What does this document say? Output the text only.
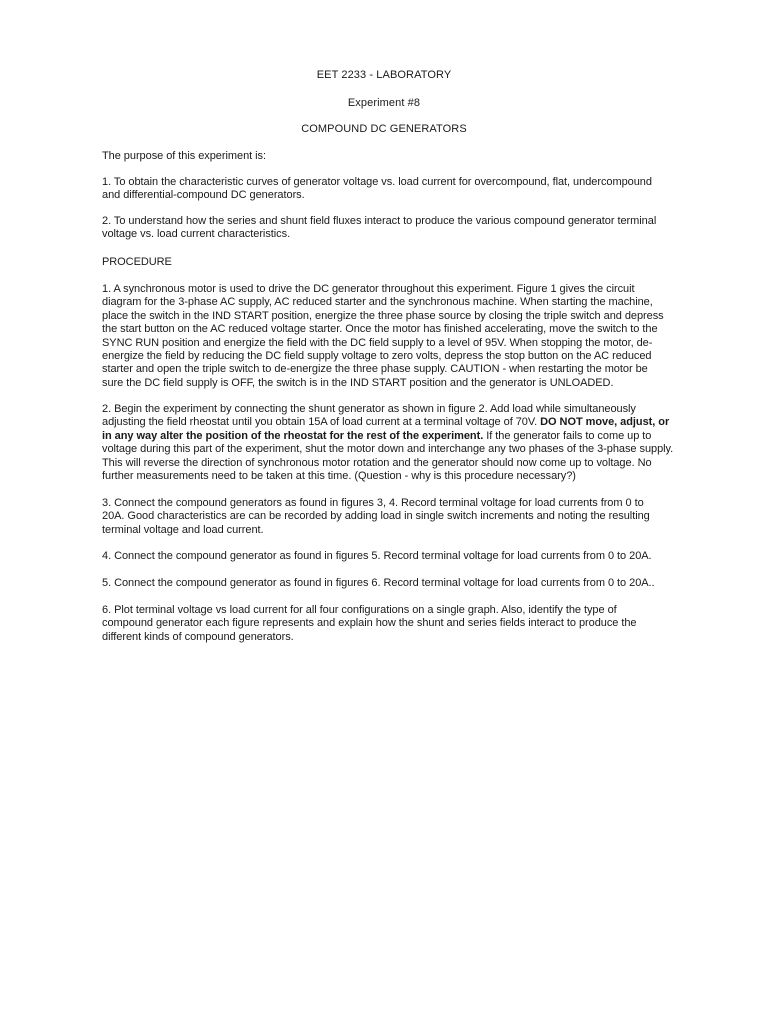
EET 2233 - LABORATORY
Experiment #8
COMPOUND DC GENERATORS
The purpose of this experiment is:
1. To obtain the characteristic curves of generator voltage vs. load current for overcompound, flat, undercompound
and differential-compound DC generators.
2. To understand how the series and shunt field fluxes interact to produce the various compound generator terminal
voltage vs. load current characteristics.
PROCEDURE
1. A synchronous motor is used to drive the DC generator throughout this experiment. Figure 1 gives the circuit
diagram for the 3-phase AC supply, AC reduced starter and the synchronous machine. When starting the machine,
place the switch in the IND START position, energize the three phase source by closing the triple switch and depress
the start button on the AC reduced voltage starter. Once the motor has finished accelerating, move the switch to the
SYNC RUN position and energize the field with the DC field supply to a level of 95V. When stopping the motor, de-
energize the field by reducing the DC field supply voltage to zero volts, depress the stop button on the AC reduced
starter and open the triple switch to de-energize the three phase supply. CAUTION - when restarting the motor be
sure the DC field supply is OFF, the switch is in the IND START position and the generator is UNLOADED.
2. Begin the experiment by connecting the shunt generator as shown in figure 2. Add load while simultaneously
adjusting the field rheostat until you obtain 15A of load current at a terminal voltage of 70V. DO NOT move, adjust, or
in any way alter the position of the rheostat for the rest of the experiment. If the generator fails to come up to
voltage during this part of the experiment, shut the motor down and interchange any two phases of the 3-phase supply.
This will reverse the direction of synchronous motor rotation and the generator should now come up to voltage. No
further measurements need to be taken at this time. (Question - why is this procedure necessary?)
3. Connect the compound generators as found in figures 3, 4. Record terminal voltage for load currents from 0 to
20A. Good characteristics are can be recorded by adding load in single switch increments and noting the resulting
terminal voltage and load current.
4. Connect the compound generator as found in figures 5. Record terminal voltage for load currents from 0 to 20A.
5. Connect the compound generator as found in figures 6. Record terminal voltage for load currents from 0 to 20A..
6. Plot terminal voltage vs load current for all four configurations on a single graph. Also, identify the type of
compound generator each figure represents and explain how the shunt and series fields interact to produce the
different kinds of compound generators.
